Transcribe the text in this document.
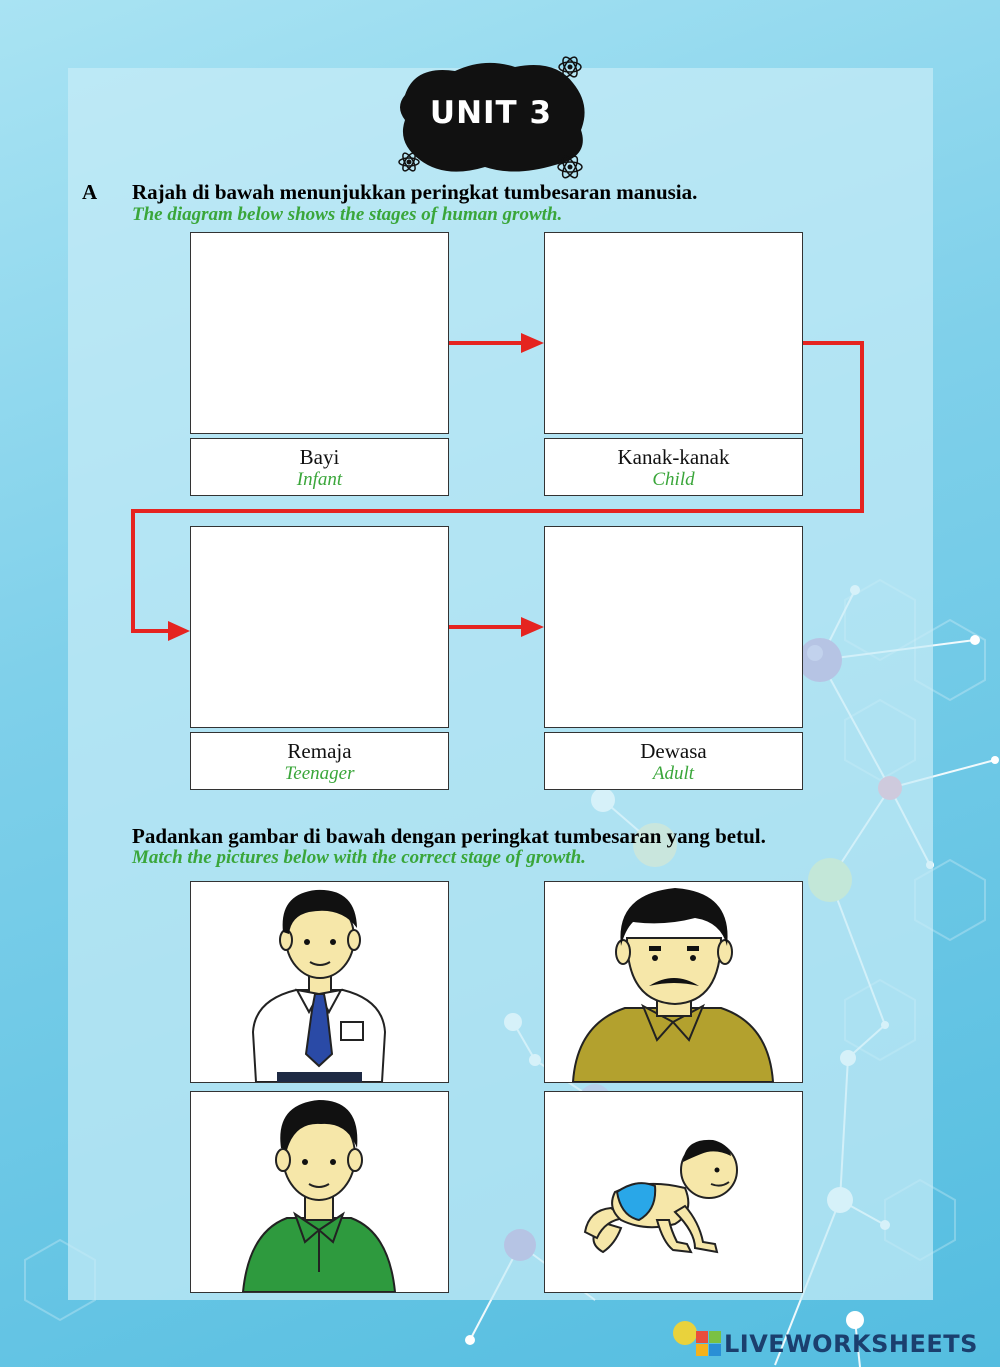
UNIT 3
A Rajah di bawah menunjukkan peringkat tumbesaran manusia.
The diagram below shows the stages of human growth.
Bayi
Infant
Kanak-kanak
Child
Remaja
Teenager
Dewasa
Adult
Padankan gambar di bawah dengan peringkat tumbesaran yang betul.
Match the pictures below with the correct stage of growth.
LIVEWORKSHEETS
